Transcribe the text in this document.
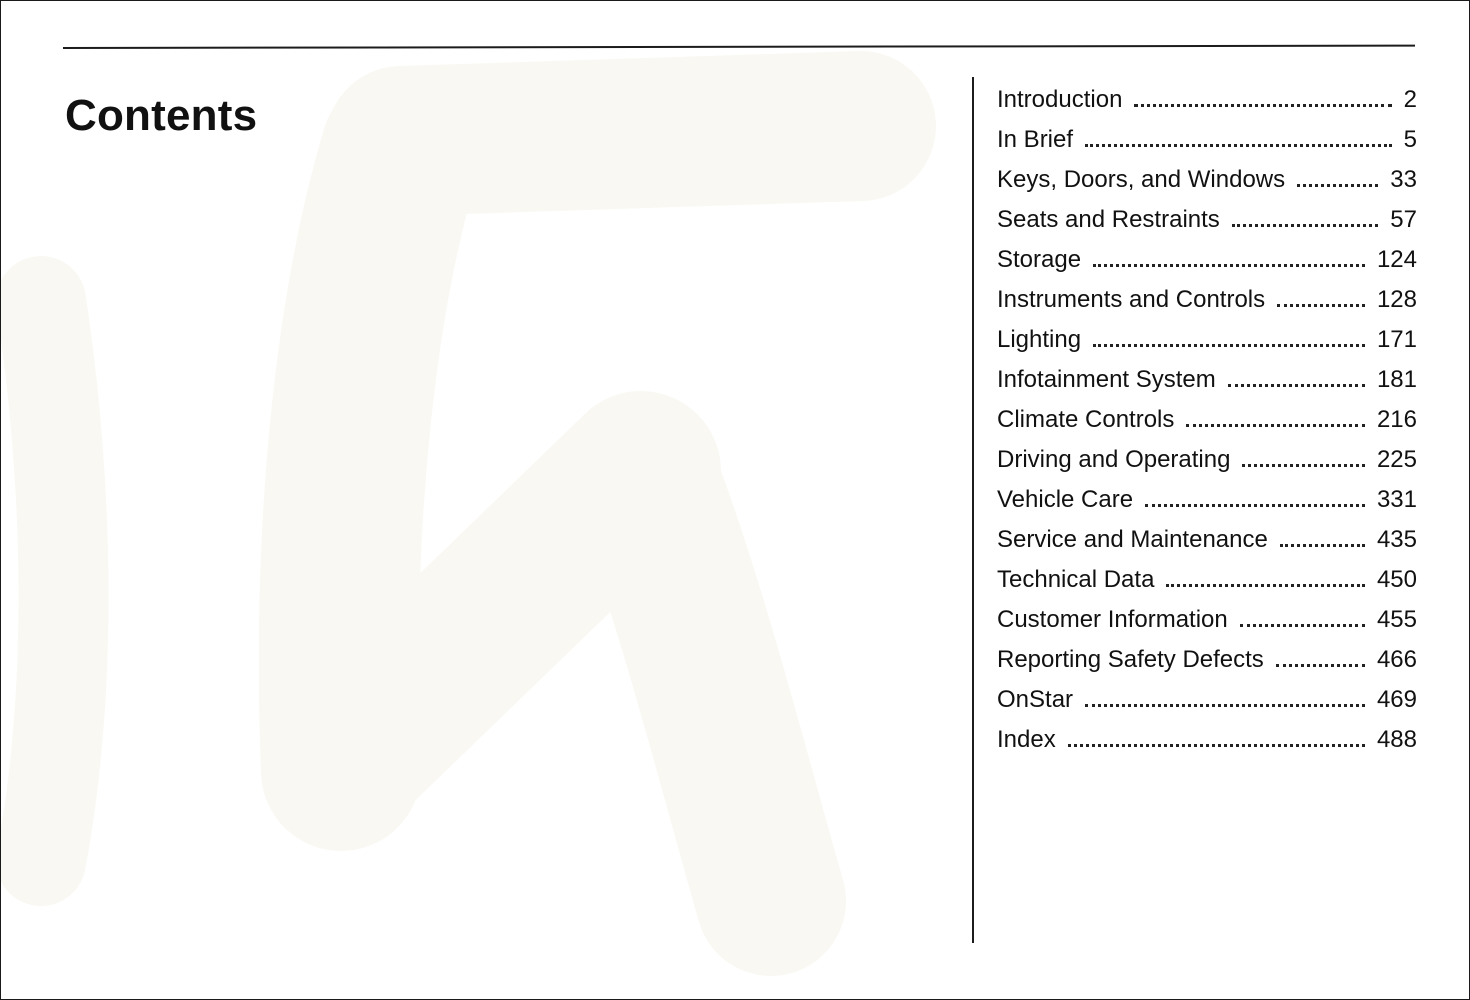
Contents	Introduction	2
In Brief	5
Keys, Doors, and Windows	33
Seats and Restraints	57
Storage	124
Instruments and Controls	128
Lighting	171
Infotainment System	181
Climate Controls	216
Driving and Operating	225
Vehicle Care	331
Service and Maintenance	435
Technical Data	450
Customer Information	455
Reporting Safety Defects	466
OnStar	469
Index	488
